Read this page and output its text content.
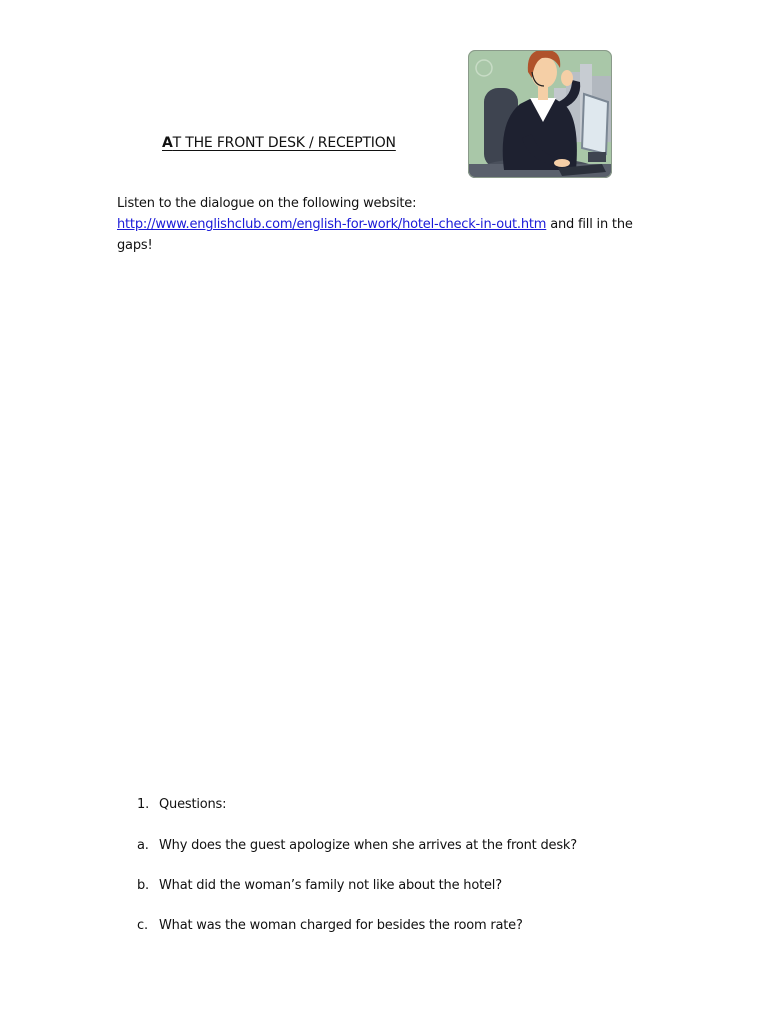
AT THE FRONT DESK / RECEPTION
Listen to the dialogue on the following website:
http://www.englishclub.com/english-for-work/hotel-check-in-out.htm and fill in the gaps!
1. Questions:
a. Why does the guest apologize when she arrives at the front desk?
b. What did the woman’s family not like about the hotel?
c. What was the woman charged for besides the room rate?
